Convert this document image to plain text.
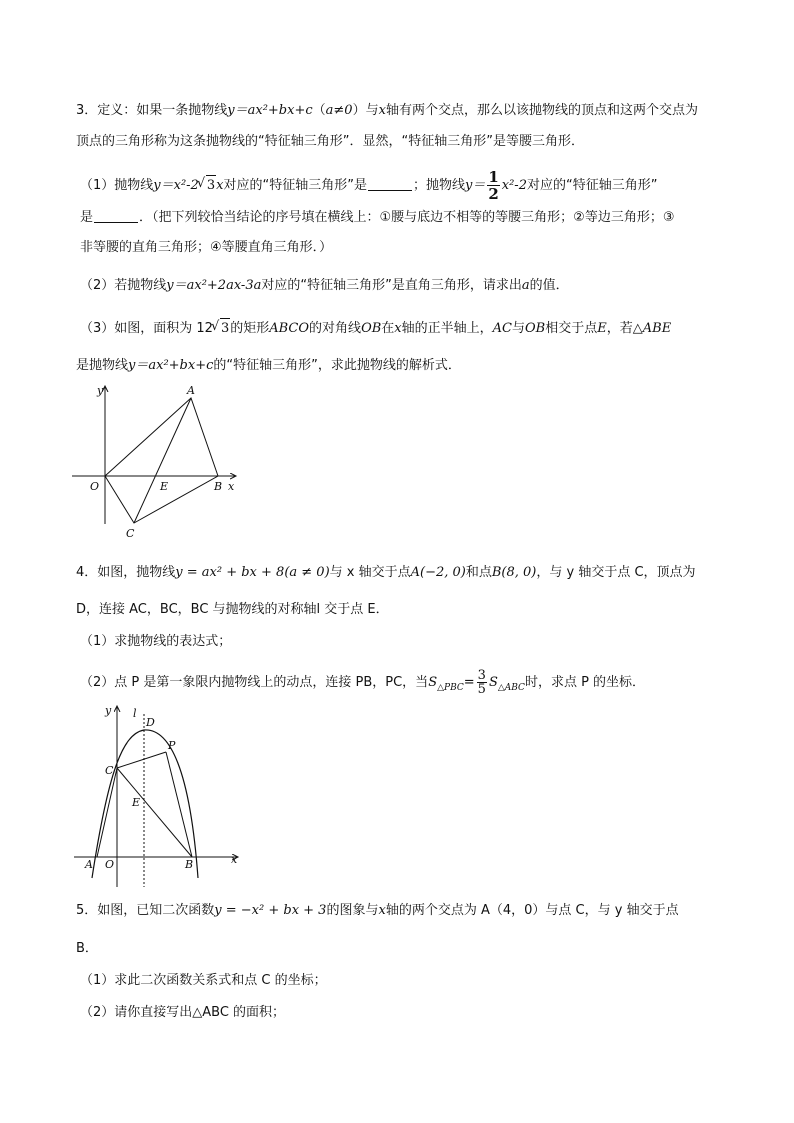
3．定义：如果一条抛物线y＝ax²+bx+c（a≠0）与x轴有两个交点，那么以该抛物线的顶点和这两个交点为
顶点的三角形称为这条抛物线的“特征轴三角形”．显然，“特征轴三角形”是等腰三角形．
（1）抛物线y＝x²-2 √ 3x对应的“特征轴三角形”是	；抛物线$y= \frac{1}{2} x^2-2$对应的“特征轴三角形”
是	．（把下列较恰当结论的序号填在横线上：①腰与底边不相等的等腰三角形；②等边三角形；③
非等腰的直角三角形；④等腰直角三角形．）
（2）若抛物线y＝ax²+2ax-3a对应的“特征轴三角形”是直角三角形，请求出a的值．
（3）如图，面积为 12 √ 3的矩形ABCO的对角线OB在x轴的正半轴上，AC与OB相交于点E，若△ABE
是抛物线y＝ax²+bx+c的“特征轴三角形”，求此抛物线的解析式．
y
O
A
E	B x
C
4．如图，抛物线y = ax² + bx + 8(a ≠ 0)与 x 轴交于点A(−2, 0)和点B(8, 0)，与 y 轴交于点 C，顶点为
D，连接 AC，BC，BC 与抛物线的对称轴l 交于点 E．
（1）求抛物线的表达式；
（2）点 P 是第一象限内抛物线上的动点，连接 PB，PC，当$S_{\triangle PBC}= \frac{3}{5} S_{\triangle ABC}$时，求点 P 的坐标．
y l
D
P
C
E
A O	B	x
5．如图，已知二次函数y = −x² + bx + 3的图象与x轴的两个交点为 A（4，0）与点 C，与 y 轴交于点
B．
（1）求此二次函数关系式和点 C 的坐标；
（2）请你直接写出△ABC 的面积；
